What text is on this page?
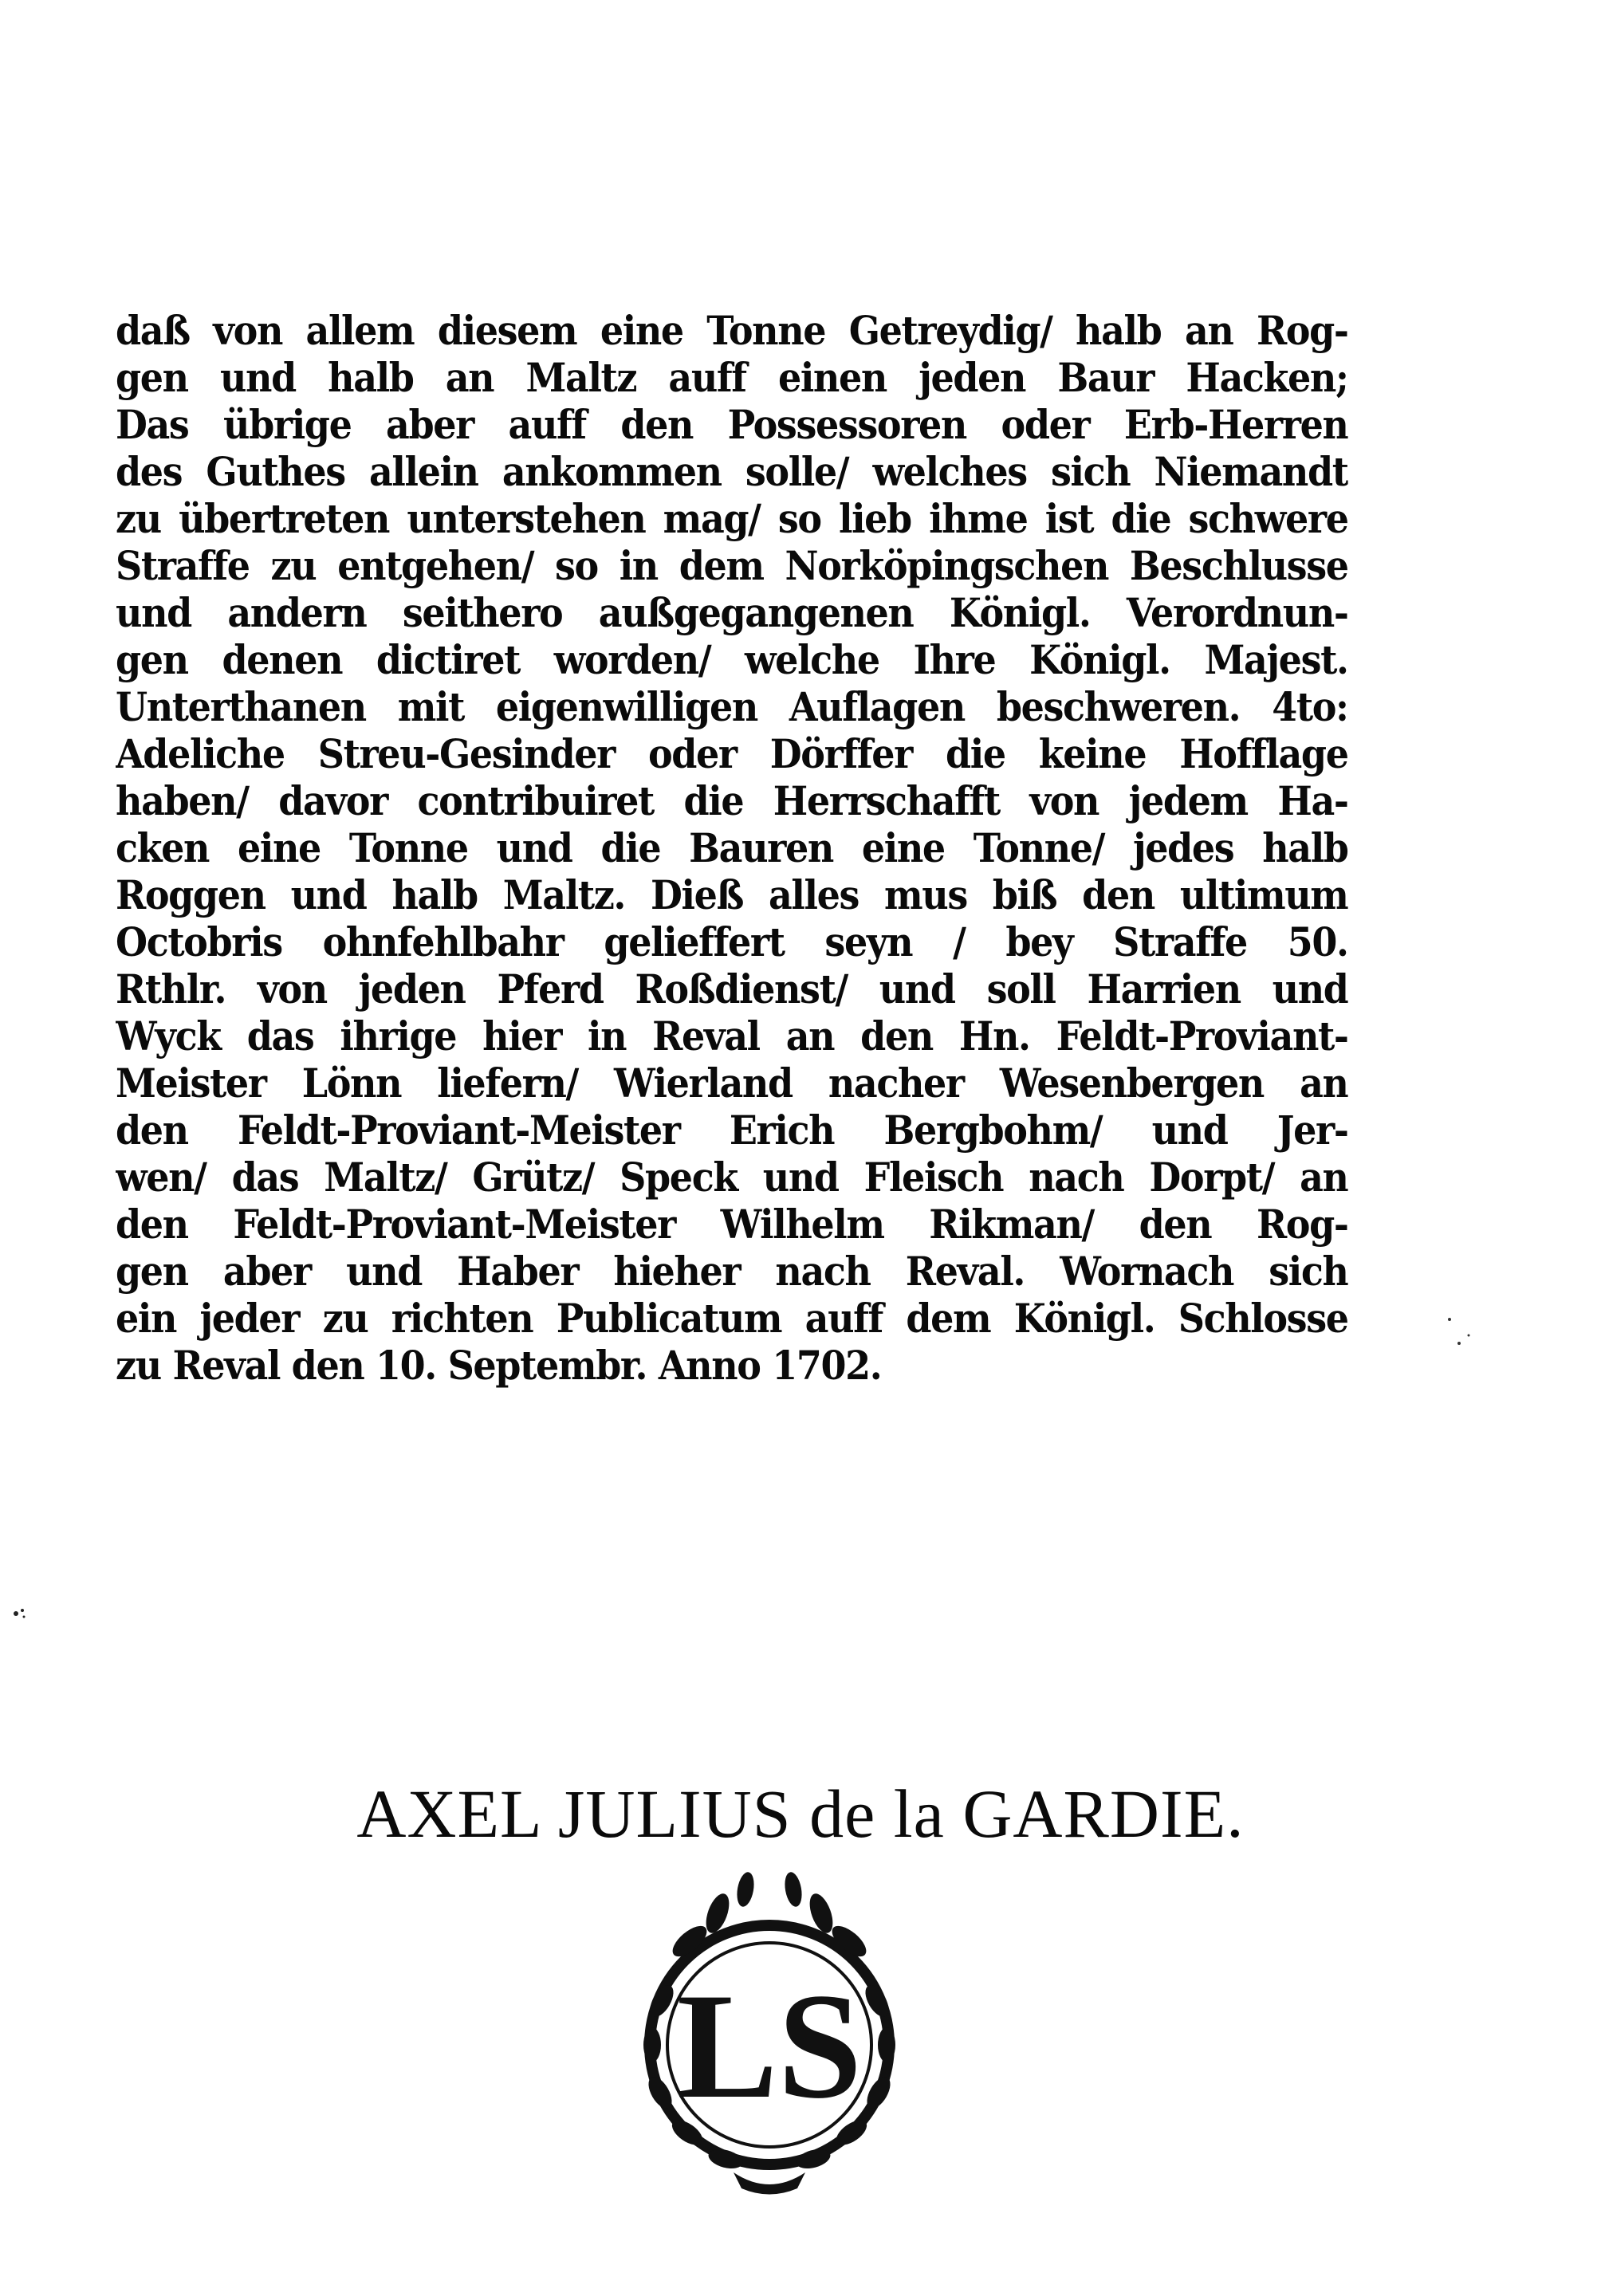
daß von allem diesem eine Tonne Getreydig/ halb an Rog-
gen und halb an Maltz auff einen jeden Baur Hacken;
Das übrige aber auff den Possessoren oder Erb-Herren
des Guthes allein ankommen solle/ welches sich Niemandt
zu übertreten unterstehen mag/ so lieb ihme ist die schwere
Straffe zu entgehen/ so in dem Norköpingschen Beschlusse
und andern seithero außgegangenen Königl. Verordnun-
gen denen dictiret worden/ welche Ihre Königl. Majest.
Unterthanen mit eigenwilligen Auflagen beschweren. 4to:
Adeliche Streu-Gesinder oder Dörffer die keine Hofflage
haben/ davor contribuiret die Herrschafft von jedem Ha-
cken eine Tonne und die Bauren eine Tonne/ jedes halb
Roggen und halb Maltz. Dieß alles mus biß den ultimum
Octobris ohnfehlbahr gelieffert seyn / bey Straffe 50.
Rthlr. von jeden Pferd Roßdienst/ und soll Harrien und
Wyck das ihrige hier in Reval an den Hn. Feldt-Proviant-
Meister Lönn liefern/ Wierland nacher Wesenbergen an
den Feldt-Proviant-Meister Erich Bergbohm/ und Jer-
wen/ das Maltz/ Grütz/ Speck und Fleisch nach Dorpt/ an
den Feldt-Proviant-Meister Wilhelm Rikman/ den Rog-
gen aber und Haber hieher nach Reval. Wornach sich
ein jeder zu richten Publicatum auff dem Königl. Schlosse
zu Reval den 10. Septembr. Anno 1702.
AXEL JULIUS de la GARDIE.
LS
